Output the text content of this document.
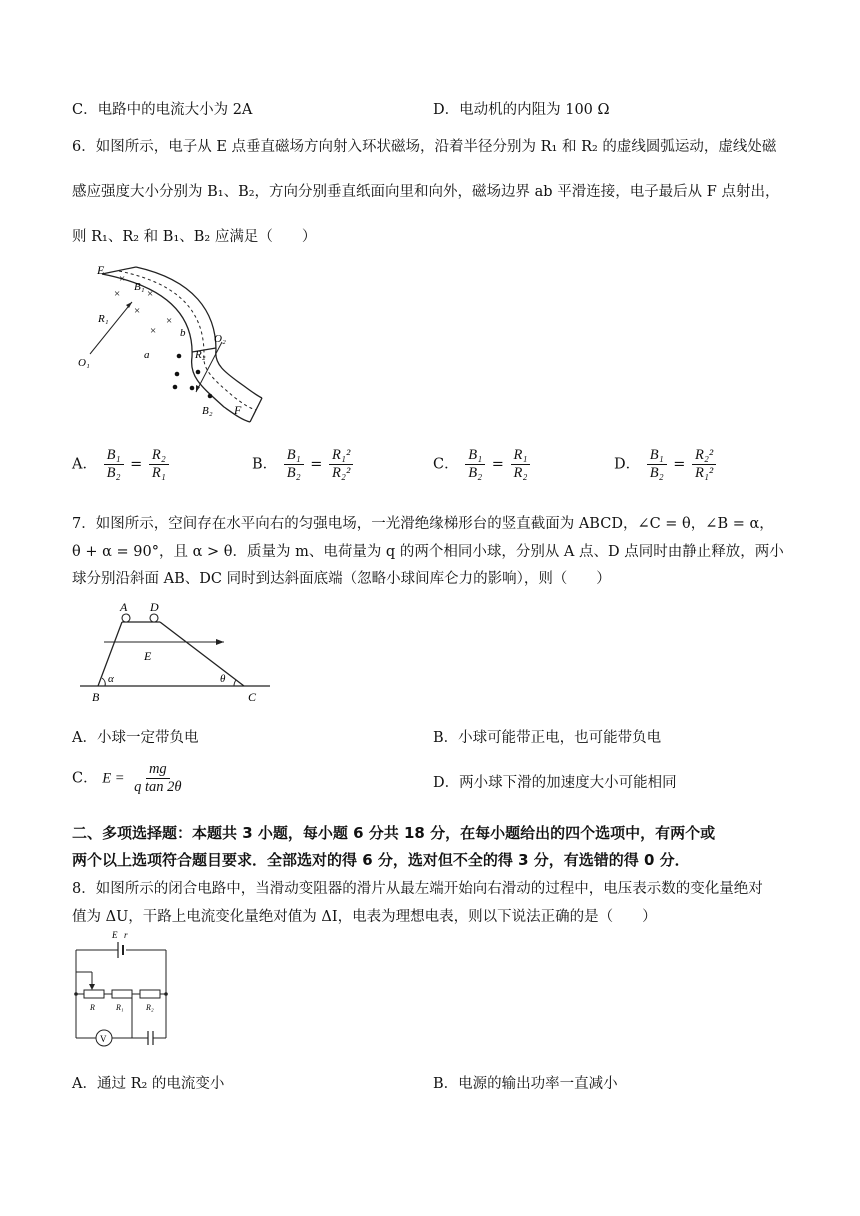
C．电路中的电流大小为 2A	D．电动机的内阻为 100 Ω
6．如图所示，电子从 E 点垂直磁场方向射入环状磁场，沿着半径分别为 R₁ 和 R₂ 的虚线圆弧运动，虚线处磁
感应强度大小分别为 B₁、B₂，方向分别垂直纸面向里和向外，磁场边界 ab 平滑连接，电子最后从 F 点射出，
则 R₁、R₂ 和 B₁、B₂ 应满足（　　）
×
×
×
×
×
×
E
B₁
R₁
O₁
b
a
O₂
R₂
B₂ F
A． $\frac{\text{B₁}}{\text{B₂}} = \frac{\text{R₂}}{\text{R₁}}$	B． $\frac{\text{B₁}}{\text{B₂}} = \frac{\text{R₁²}}{\text{R₂²}}$	C． $\frac{\text{B₁}}{\text{B₂}} = \frac{\text{R₁}}{\text{R₂}}$	D． $\frac{\text{B₁}}{\text{B₂}} = \frac{\text{R₂²}}{\text{R₁²}}$
7．如图所示，空间存在水平向右的匀强电场，一光滑绝缘梯形台的竖直截面为 ABCD，∠C = θ，∠B = α，
θ + α = 90°，且 α > θ．质量为 m、电荷量为 q 的两个相同小球，分别从 A 点、D 点同时由静止释放，两小
球分别沿斜面 AB、DC 同时到达斜面底端（忽略小球间库仑力的影响），则（　　）
A D
E
α	θ
B	C
A．小球一定带负电	B．小球可能带正电，也可能带负电
C． $E = \frac{mg}{\text{q tan 2θ}}$	D．两小球下滑的加速度大小可能相同
二、多项选择题：本题共 3 小题，每小题 6 分共 18 分，在每小题给出的四个选项中，有两个或
两个以上选项符合题目要求．全部选对的得 6 分，选对但不全的得 3 分，有选错的得 0 分．
8．如图所示的闭合电路中，当滑动变阻器的滑片从最左端开始向右滑动的过程中，电压表示数的变化量绝对
值为 ΔU，干路上电流变化量绝对值为 ΔI，电表为理想电表，则以下说法正确的是（　　）
E r
R	R₁	R₂
V
A．通过 R₂ 的电流变小	B．电源的输出功率一直减小
